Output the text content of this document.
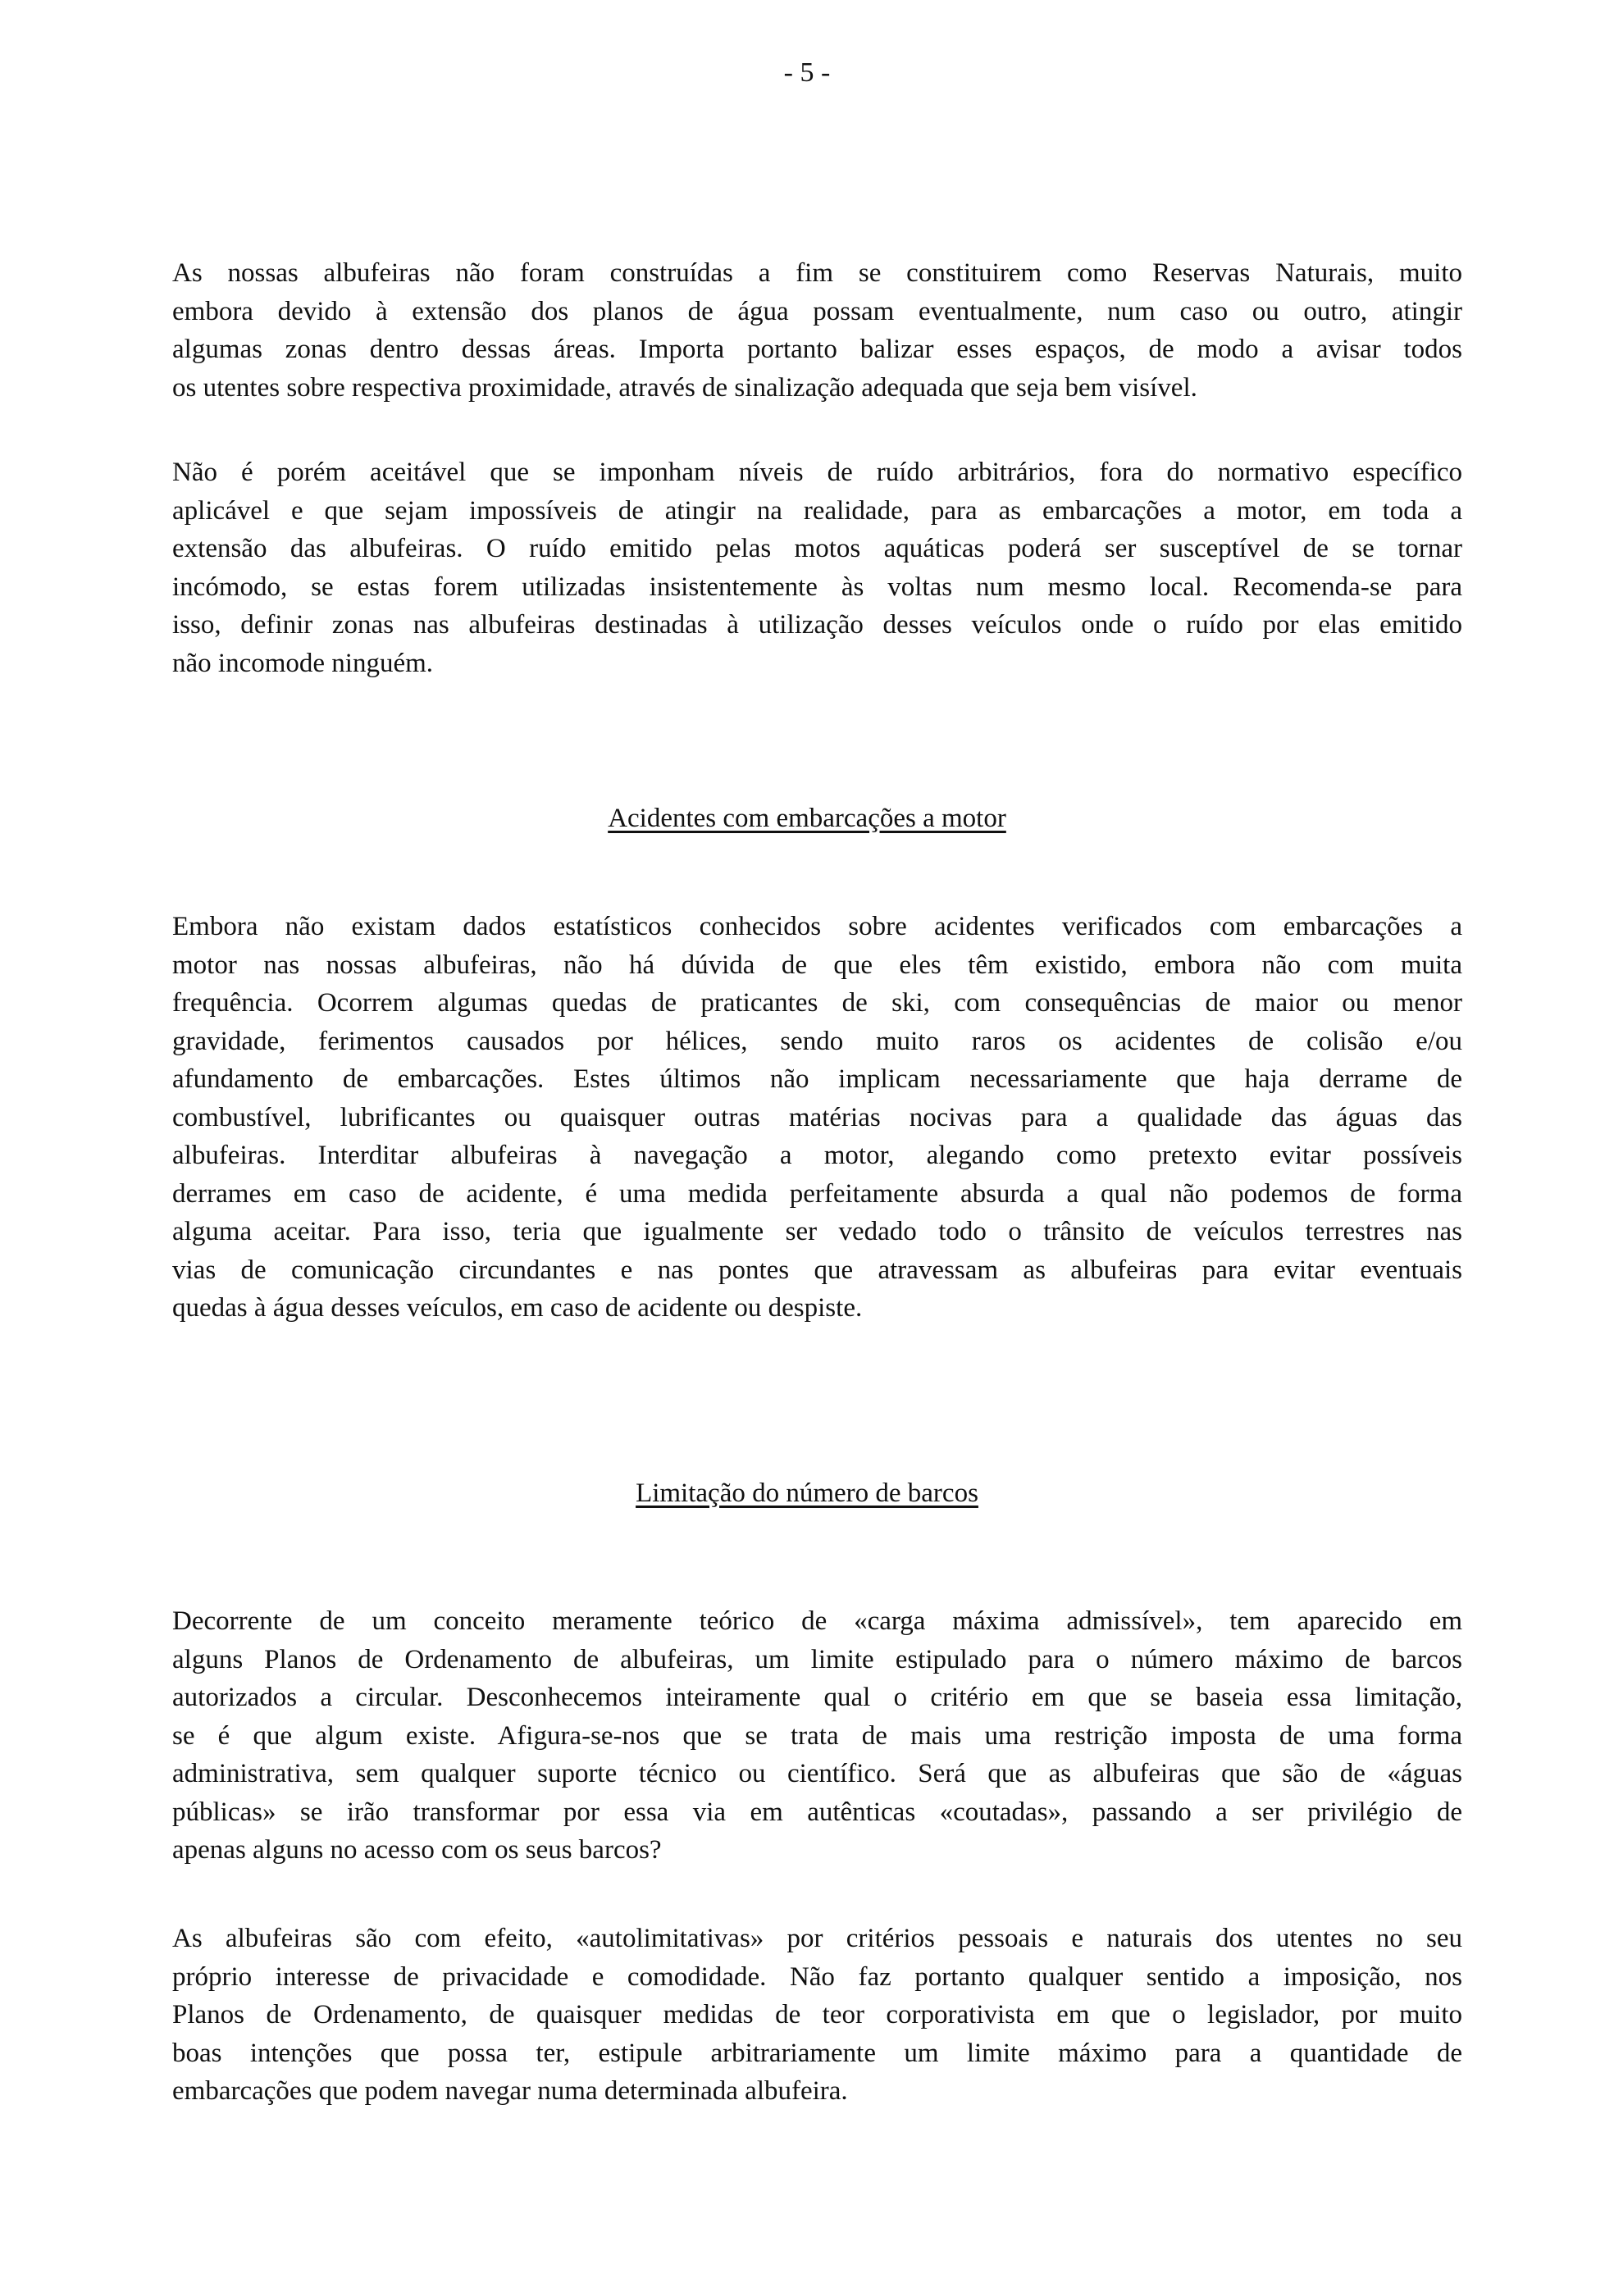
- 5 -
As nossas albufeiras não foram construídas a fim se constituirem como Reservas Naturais, muito
embora devido à extensão dos planos de água possam eventualmente, num caso ou outro, atingir
algumas zonas dentro dessas áreas. Importa portanto balizar esses espaços, de modo a avisar todos
os utentes sobre respectiva proximidade, através de sinalização adequada que seja bem visível.
Não é porém aceitável que se imponham níveis de ruído arbitrários, fora do normativo específico
aplicável e que sejam impossíveis de atingir na realidade, para as embarcações a motor, em toda a
extensão das albufeiras. O ruído emitido pelas motos aquáticas poderá ser susceptível de se tornar
incómodo, se estas forem utilizadas insistentemente às voltas num mesmo local. Recomenda-se para
isso, definir zonas nas albufeiras destinadas à utilização desses veículos onde o ruído por elas emitido
não incomode ninguém.
Acidentes com embarcações a motor
Embora não existam dados estatísticos conhecidos sobre acidentes verificados com embarcações a
motor nas nossas albufeiras, não há dúvida de que eles têm existido, embora não com muita
frequência. Ocorrem algumas quedas de praticantes de ski, com consequências de maior ou menor
gravidade, ferimentos causados por hélices, sendo muito raros os acidentes de colisão e/ou
afundamento de embarcações. Estes últimos não implicam necessariamente que haja derrame de
combustível, lubrificantes ou quaisquer outras matérias nocivas para a qualidade das águas das
albufeiras. Interditar albufeiras à navegação a motor, alegando como pretexto evitar possíveis
derrames em caso de acidente, é uma medida perfeitamente absurda a qual não podemos de forma
alguma aceitar. Para isso, teria que igualmente ser vedado todo o trânsito de veículos terrestres nas
vias de comunicação circundantes e nas pontes que atravessam as albufeiras para evitar eventuais
quedas à água desses veículos, em caso de acidente ou despiste.
Limitação do número de barcos
Decorrente de um conceito meramente teórico de «carga máxima admissível», tem aparecido em
alguns Planos de Ordenamento de albufeiras, um limite estipulado para o número máximo de barcos
autorizados a circular. Desconhecemos inteiramente qual o critério em que se baseia essa limitação,
se é que algum existe. Afigura-se-nos que se trata de mais uma restrição imposta de uma forma
administrativa, sem qualquer suporte técnico ou científico. Será que as albufeiras que são de «águas
públicas» se irão transformar por essa via em autênticas «coutadas», passando a ser privilégio de
apenas alguns no acesso com os seus barcos?
As albufeiras são com efeito, «autolimitativas» por critérios pessoais e naturais dos utentes no seu
próprio interesse de privacidade e comodidade. Não faz portanto qualquer sentido a imposição, nos
Planos de Ordenamento, de quaisquer medidas de teor corporativista em que o legislador, por muito
boas intenções que possa ter, estipule arbitrariamente um limite máximo para a quantidade de
embarcações que podem navegar numa determinada albufeira.
